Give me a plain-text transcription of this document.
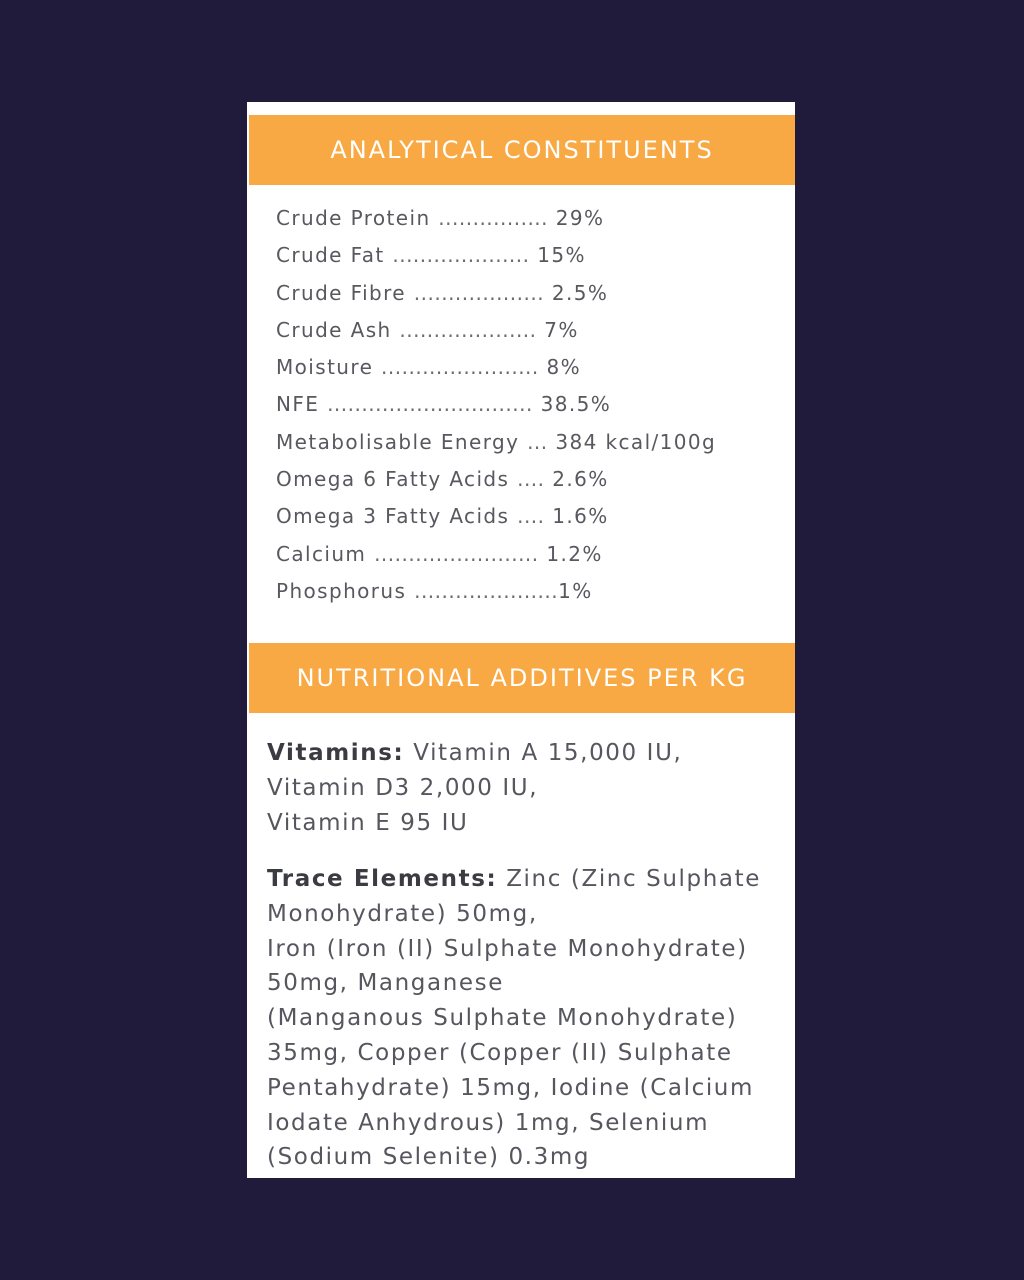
ANALYTICAL CONSTITUENTS
Crude Protein ................ 29%
Crude Fat .................... 15%
Crude Fibre ................... 2.5%
Crude Ash .................... 7%
Moisture ....................... 8%
NFE .............................. 38.5%
Metabolisable Energy ... 384 kcal/100g
Omega 6 Fatty Acids .... 2.6%
Omega 3 Fatty Acids .... 1.6%
Calcium ........................ 1.2%
Phosphorus .....................1%
NUTRITIONAL ADDITIVES PER KG
Vitamins: Vitamin A 15,000 IU,
Vitamin D3 2,000 IU,
Vitamin E 95 IU
Trace Elements: Zinc (Zinc Sulphate
Monohydrate) 50mg,
Iron (Iron (II) Sulphate Monohydrate)
50mg, Manganese
(Manganous Sulphate Monohydrate)
35mg, Copper (Copper (II) Sulphate
Pentahydrate) 15mg, Iodine (Calcium
Iodate Anhydrous) 1mg, Selenium
(Sodium Selenite) 0.3mg
